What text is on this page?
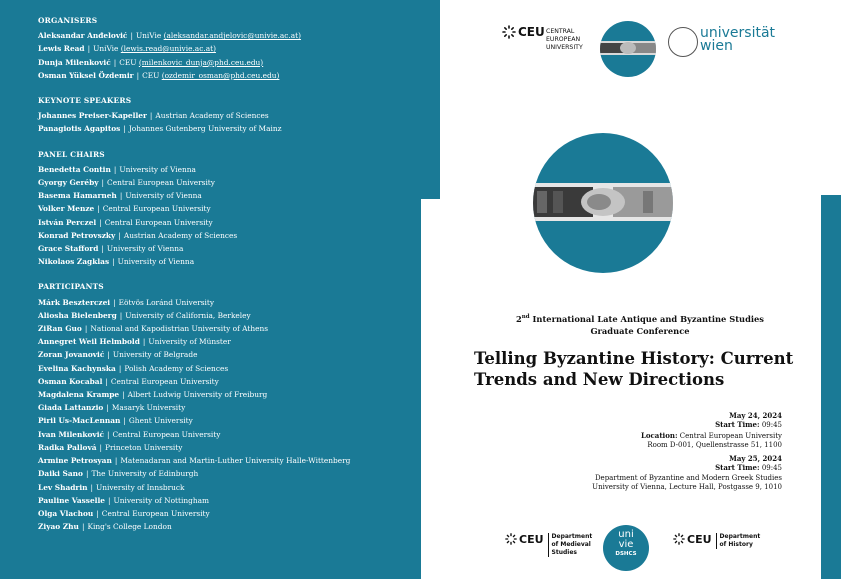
ORGANISERS
Aleksandar Anđelović | UniVie (aleksandar.andjelovic@univie.ac.at)
Lewis Read | UniVie (lewis.read@univie.ac.at)
Dunja Milenković | CEU (milenkovic_dunja@phd.ceu.edu)
Osman Yüksel Özdemir | CEU (ozdemir_osman@phd.ceu.edu)
KEYNOTE SPEAKERS
Johannes Preiser-Kapeller | Austrian Academy of Sciences
Panagiotis Agapitos | Johannes Gutenberg University of Mainz
PANEL CHAIRS
Benedetta Contin | University of Vienna
Gyorgy Geréby | Central European University
Basema Hamarneh | University of Vienna
Volker Menze | Central European University
István Perczel | Central European University
Konrad Petrovszky | Austrian Academy of Sciences
Grace Stafford | University of Vienna
Nikolaos Zagklas | University of Vienna
PARTICIPANTS
Márk Beszterczei | Eötvös Loránd University
Aliosha Bielenberg | University of California, Berkeley
ZiRan Guo | National and Kapodistrian University of Athens
Annegret Weil Helmbold | University of Münster
Zoran Jovanović | University of Belgrade
Evelina Kachynska | Polish Academy of Sciences
Osman Kocabal | Central European University
Magdalena Krampe | Albert Ludwig University of Freiburg
Giada Lattanzio | Masaryk University
Piril Us-MacLennan | Ghent University
Ivan Milenković | Central European University
Radka Pallová | Princeton University
Armine Petrosyan | Matenadaran and Martin-Luther University Halle-Wittenberg
Daiki Sano | The University of Edinburgh
Lev Shadrin | University of Innsbruck
Pauline Vasselle | University of Nottingham
Olga Vlachou | Central European University
Ziyao Zhu | King's College London
CEU CENTRAL
EUROPEAN
UNIVERSITY
universität
wien
2nd International Late Antique and Byzantine Studies
Graduate Conference
Telling Byzantine History: Current
Trends and New Directions
May 24, 2024
Start Time: 09:45
Location: Central European University
Room D-001, Quellenstrasse 51, 1100
May 25, 2024
Start Time: 09:45
Department of Byzantine and Modern Greek Studies
University of Vienna, Lecture Hall, Postgasse 9, 1010
CEU Department
of Medieval
Studies
uni
vie
DSHCS
CEU Department
of History
